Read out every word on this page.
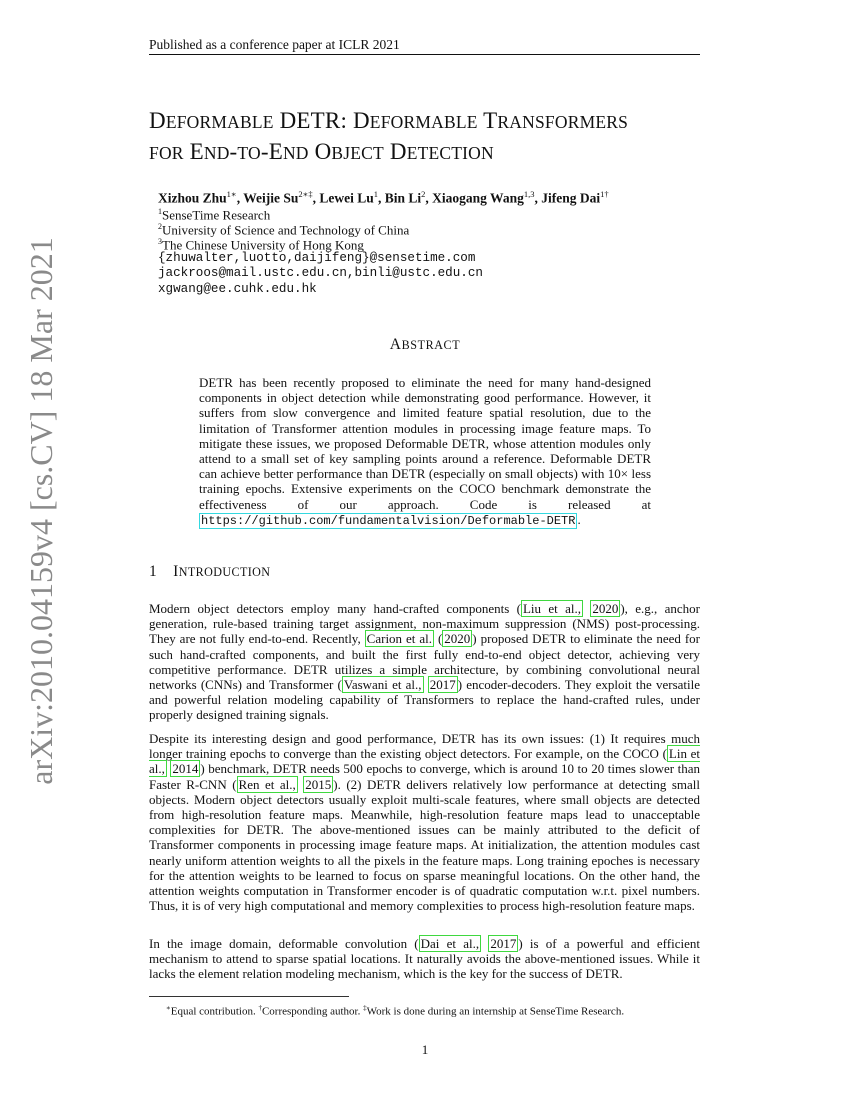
Published as a conference paper at ICLR 2021
DEFORMABLE DETR: DEFORMABLE TRANSFORMERS
FOR END-TO-END OBJECT DETECTION
Xizhou Zhu$^{1∗}$, Weijie $Su^{2∗\ddagger}$, Lewei Lu$^1$, Bin Li$^2$, Xiaogang Wang$^{1,3}$, Jifeng Dai$^{1\dagger}$
$^1$SenseTime Research
$^2$University of Science and Technology of China
$^3$The Chinese University of Hong Kong
{zhuwalter,luotto,daijifeng}@sensetime.com
jackroos@mail.ustc.edu.cn,binli@ustc.edu.cn
xgwang@ee.cuhk.edu.hk
ABSTRACT
DETR has been recently proposed to eliminate the need for many hand-designed components in object detection while demonstrating good performance. However, it suffers from slow convergence and limited feature spatial resolution, due to the limitation of Transformer attention modules in processing image feature maps. To mitigate these issues, we proposed Deformable DETR, whose attention modules only attend to a small set of key sampling points around a reference. Deformable DETR can achieve better performance than DETR (especially on small objects) with 10× less training epochs. Extensive experiments on the COCO benchmark demonstrate the effectiveness of our approach. Code is released at https://github.com/fundamentalvision/Deformable-DETR .
1 INTRODUCTION

Modern object detectors employ many hand-crafted components ( Liu et al., 2020 ), e.g., anchor generation, rule-based training target assignment, non-maximum suppression (NMS) post-processing. They are not fully end-to-end. Recently, Carion et al. ( 2020 ) proposed DETR to eliminate the need for such hand-crafted components, and built the first fully end-to-end object detector, achieving very competitive performance. DETR utilizes a simple architecture, by combining convolutional neural networks (CNNs) and Transformer ( Vaswani et al., 2017 ) encoder-decoders. They exploit the versatile and powerful relation modeling capability of Transformers to replace the hand-crafted rules, under properly designed training signals.

Despite its interesting design and good performance, DETR has its own issues: (1) It requires much longer training epochs to converge than the existing object detectors. For example, on the COCO ( Lin et al., 2014 ) benchmark, DETR needs 500 epochs to converge, which is around 10 to 20 times slower than Faster R-CNN ( Ren et al., 2015 ). (2) DETR delivers relatively low performance at detecting small objects. Modern object detectors usually exploit multi-scale features, where small objects are detected from high-resolution feature maps. Meanwhile, high-resolution feature maps lead to unacceptable complexities for DETR. The above-mentioned issues can be mainly attributed to the deficit of Transformer components in processing image feature maps. At initialization, the attention modules cast nearly uniform attention weights to all the pixels in the feature maps. Long training epoches is necessary for the attention weights to be learned to focus on sparse meaningful locations. On the other hand, the attention weights computation in Transformer encoder is of quadratic computation w.r.t. pixel numbers. Thus, it is of very high computational and memory complexities to process high-resolution feature maps.

In the image domain, deformable convolution ( Dai et al., 2017 ) is of a powerful and efficient mechanism to attend to sparse spatial locations. It naturally avoids the above-mentioned issues. While it lacks the element relation modeling mechanism, which is the key for the success of DETR.

∗Equal contribution. †Corresponding author. ‡Work is done during an internship at SenseTime Research.
1
arXiv:2010.04159v4 [cs.CV] 18 Mar 2021
